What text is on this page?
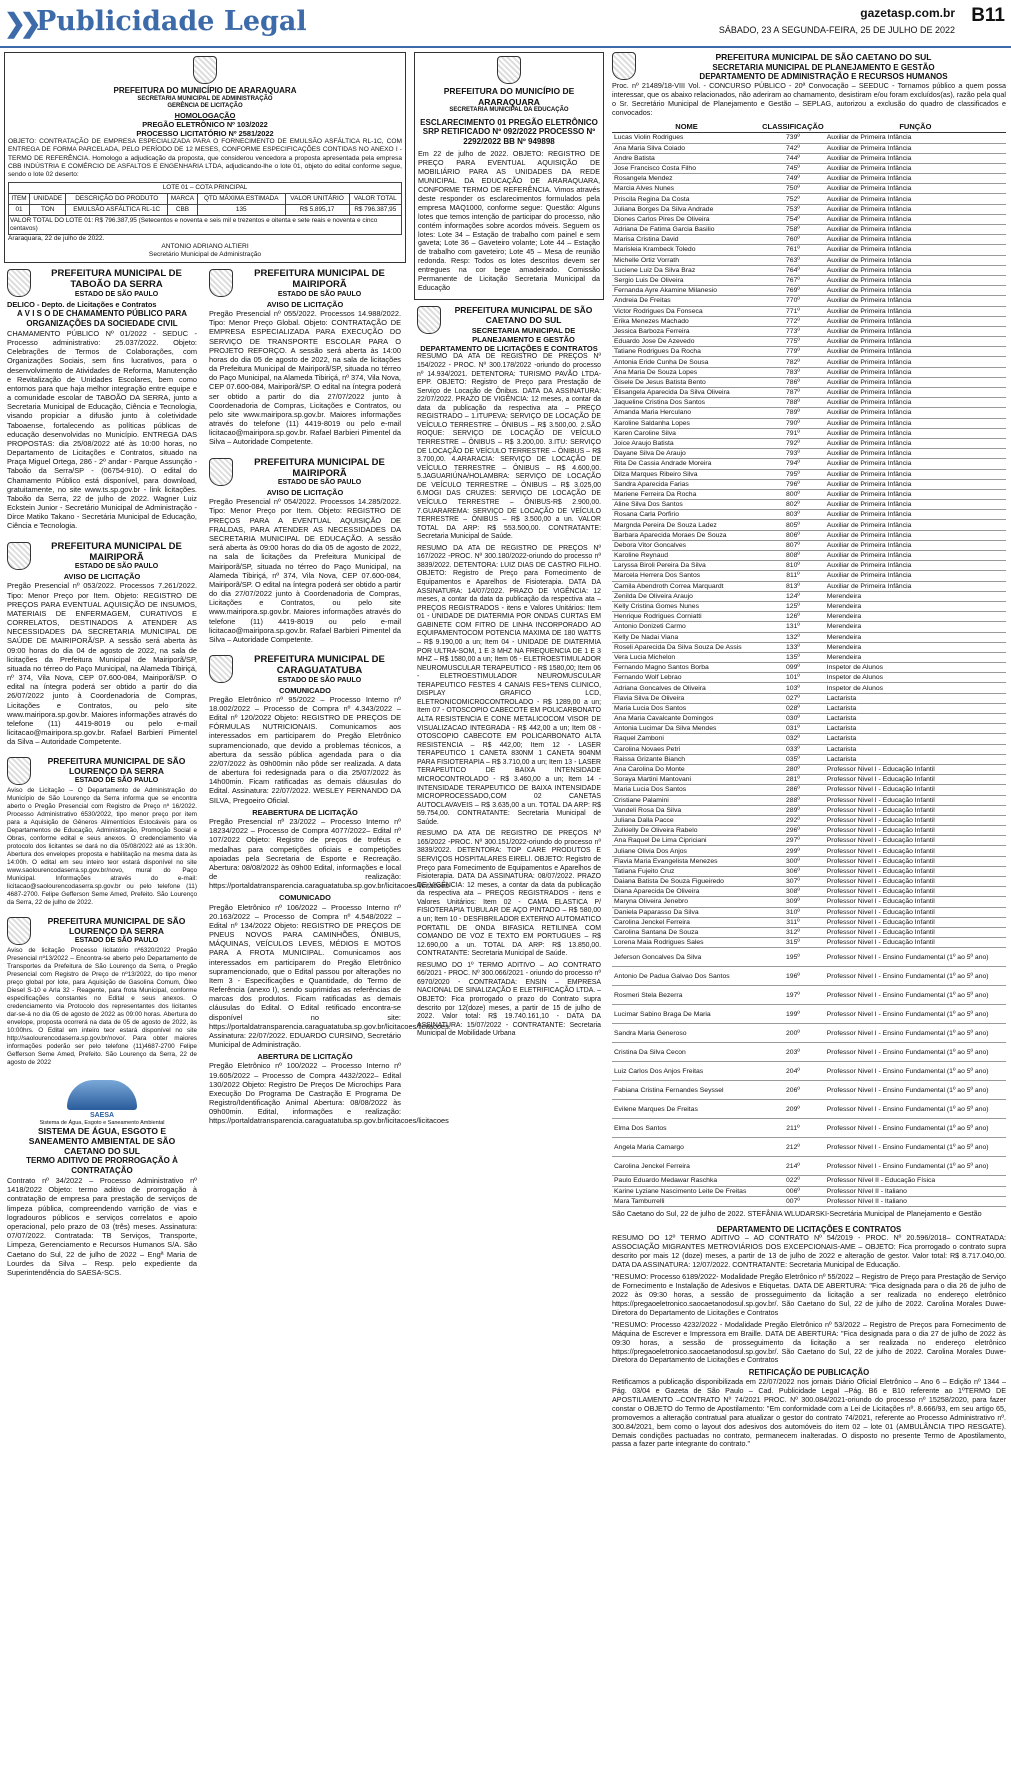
❯❯ Publicidade Legal	gazetasp.com.br
SÁBADO, 23 A SEGUNDA-FEIRA, 25 DE JULHO DE 2022
B11
PREFEITURA DO MUNICÍPIO DE ARARAQUARA
SECRETARIA MUNICIPAL DE ADMINISTRAÇÃO
GERÊNCIA DE LICITAÇÃO
HOMOLOGAÇÃO
PREGÃO ELETRÔNICO Nº 103/2022
PROCESSO LICITATÓRIO Nº 2581/2022

OBJETO: CONTRATAÇÃO DE EMPRESA ESPECIALIZADA PARA O FORNECIMENTO DE EMULSÃO ASFÁLTICA RL-1C, COM ENTREGA DE FORMA PARCELADA, PELO PERÍODO DE 12 MESES, CONFORME ESPECIFICAÇÕES CONTIDAS NO ANEXO I - TERMO DE REFERÊNCIA. Homologo a adjudicação da proposta, que considerou vencedora a proposta apresentada pela empresa CBB INDÚSTRIA E COMÉRCIO DE ASFALTOS E ENGENHARIA LTDA, adjudicando-lhe o lote 01, objeto do edital conforme segue, sendo o lote 02 deserto:

LOTE 01 – COTA PRINCIPAL						
ITEM	UNIDADE	DESCRIÇÃO DO PRODUTO	MARCA	QTD MÁXIMA ESTIMADA	VALOR UNITÁRIO	VALOR TOTAL
01	TON	EMULSÃO ASFÁLTICA RL-1C	CBB	135	R$ 5.895,17	R$ 796.387,95
VALOR TOTAL DO LOTE 01: R$ 796.387,95 (Setecentos e noventa e seis mil e trezentos e oitenta e sete reais e noventa e cinco centavos)						
Araraquara, 22 de julho de 2022.
ANTONIO ADRIANO ALTIERI
Secretário Municipal de Administração
PREFEITURA MUNICIPAL DE TABOÃO DA SERRA
ESTADO DE SÃO PAULO
DELICO - Depto. de Licitações e Contratos
A V I S O DE CHAMAMENTO PÚBLICO PARA ORGANIZAÇÕES DA SOCIEDADE CIVIL

CHAMAMENTO PÚBLICO Nº 01/2022 - SEDUC - Processo administrativo: 25.037/2022. Objeto: Celebrações de Termos de Colaborações, com Organizações Sociais, sem fins lucrativos, para o desenvolvimento de Atividades de Reforma, Manutenção e Revitalização de Unidades Escolares, bem como entornos para que haja melhor integração entre equipe e a comunidade escolar de TABOÃO DA SERRA, junto a Secretaria Municipal de Educação, Ciência e Tecnologia, visando propiciar a difusão junto à coletividade Taboaense, fortalecendo as políticas públicas de educação desenvolvidas no Município. ENTREGA DAS PROPOSTAS: dia 25/08/2022 até às 10:00 horas, no Departamento de Licitações e Contratos, situado na Praça Miguel Ortega, 286 - 2º andar - Parque Assunção - Taboão da Serra/SP - (06754-910). O edital do Chamamento Público está disponível, para download, gratuitamente, no site www.ts.sp.gov.br - link licitações. Taboão da Serra, 22 de julho de 2022. Wagner Luiz Eckstein Junior - Secretário Municipal de Administração - Dirce Matiko Takano - Secretária Municipal de Educação, Ciência e Tecnologia.

PREFEITURA MUNICIPAL DE MAIRIPORÃ
ESTADO DE SÃO PAULO
AVISO DE LICITAÇÃO

Pregão Presencial nº 053/2022. Processos 7.261/2022. Tipo: Menor Preço por Item. Objeto: REGISTRO DE PREÇOS PARA EVENTUAL AQUISIÇÃO DE INSUMOS, MATERIAIS DE ENFERMAGEM, CURATIVOS E CORRELATOS, DESTINADOS A ATENDER AS NECESSIDADES DA SECRETARIA MUNICIPAL DE SAÚDE DE MAIRIPORÃ/SP. A sessão será aberta às 09:00 horas do dia 04 de agosto de 2022, na sala de licitações da Prefeitura Municipal de Mairiporã/SP, situada no térreo do Paço Municipal, na Alameda Tibiriçá, nº 374, Vila Nova, CEP 07.600-084, Mairiporã/SP. O edital na íntegra poderá ser obtido a partir do dia 26/07/2022 junto à Coordenadoria de Compras, Licitações e Contratos, ou pelo site www.mairipora.sp.gov.br. Maiores informações através do telefone (11) 4419-8019 ou pelo e-mail licitacao@mairipora.sp.gov.br. Rafael Barbieri Pimentel da Silva – Autoridade Competente.

PREFEITURA MUNICIPAL DE SÃO LOURENÇO DA SERRA
ESTADO DE SÃO PAULO

Aviso de Licitação – O Departamento de Administração do Município de São Lourenço da Serra informa que se encontra aberto o Pregão Presencial com Registro de Preço nº 16/2022. Processo Administrativo 6530/2022, tipo menor preço por item para a Aquisição de Gêneros Alimentícios Estocáveis para os Departamentos de Educação, Administração, Promoção Social e Obras, conforme edital e seus anexos. O credenciamento via protocolo dos licitantes se dará no dia 05/08/2022 até as 13:30h. Abertura dos envelopes proposta e habilitação na mesma data às 14:00h. O edital em seu inteiro teor estará disponível no site www.saolourencodaserra.sp.gov.br/novo, mural do Paço Municipal. Informações através do e-mail: licitacao@saolourencodaserra.sp.gov.br ou pelo telefone (11) 4687-2700. Felipe Gefferson Seme Amed, Prefeito. São Lourenço da Serra, 22 de julho de 2022.

PREFEITURA MUNICIPAL DE SÃO LOURENÇO DA SERRA
ESTADO DE SÃO PAULO

Aviso de licitação Processo licitatório nº6320/2022 Pregão Presencial nº13/2022 – Encontra-se aberto pelo Departamento de Transportes da Prefeitura de São Lourenço da Serra, o Pregão Presencial com Registro de Preço de nº13/2022, do tipo menor preço global por lote, para Aquisição de Gasolina Comum, Óleo Diesel S-10 e Arla 32 - Reagente, para frota Municipal, conforme especificações constantes no Edital e seus anexos. O credenciamento via Protocolo dos representantes dos licitantes dar-se-á no dia 05 de agosto de 2022 as 09:00 horas. Abertura do envelope, proposta ocorrerá na data de 05 de agosto de 2022, às 10:00hrs. O Edital em inteiro teor estará disponível no site http://saolourencodaserra.sp.gov.br/novo/. Para obter maiores informações poderão ser pelo telefone (11)4687-2700 Felipe Gefferson Seme Amed, Prefeito. São Lourenço da Serra, 22 de agosto de 2022

SAESA
Sistema de Água, Esgoto e Saneamento Ambiental
SISTEMA DE ÁGUA, ESGOTO E SANEAMENTO AMBIENTAL DE SÃO CAETANO DO SUL
TERMO ADITIVO DE PRORROGAÇÃO À CONTRATAÇÃO

Contrato nº 34/2022 – Processo Administrativo nº 1418/2022 Objeto: termo aditivo de prorrogação à contratação de empresa para prestação de serviços de limpeza pública, compreendendo varrição de vias e logradouros públicos e serviços correlatos e apoio operacional, pelo prazo de 03 (três) meses. Assinatura: 07/07/2022. Contratada: TB Serviços, Transporte, Limpeza, Gerenciamento e Recursos Humanos S/A. São Caetano do Sul, 22 de julho de 2022 – Engª Maria de Lourdes da Silva – Resp. pelo expediente da Superintendência do SAESA-SCS.

PREFEITURA MUNICIPAL DE MAIRIPORÃ
ESTADO DE SÃO PAULO
AVISO DE LICITAÇÃO

Pregão Presencial nº 055/2022. Processos 14.988/2022. Tipo: Menor Preço Global. Objeto: CONTRATAÇÃO DE EMPRESA ESPECIALIZADA PARA EXECUÇÃO DO SERVIÇO DE TRANSPORTE ESCOLAR PARA O PROJETO REFORÇO. A sessão será aberta às 14:00 horas do dia 05 de agosto de 2022, na sala de licitações da Prefeitura Municipal de Mairiporã/SP, situada no térreo do Paço Municipal, na Alameda Tibiriçá, nº 374, Vila Nova, CEP 07.600-084, Mairiporã/SP. O edital na íntegra poderá ser obtido a partir do dia 27/07/2022 junto à Coordenadoria de Compras, Licitações e Contratos, ou pelo site www.mairipora.sp.gov.br. Maiores informações através do telefone (11) 4419-8019 ou pelo e-mail licitacao@mairipora.sp.gov.br. Rafael Barbieri Pimentel da Silva – Autoridade Competente.

PREFEITURA MUNICIPAL DE MAIRIPORÃ
ESTADO DE SÃO PAULO
AVISO DE LICITAÇÃO

Pregão Presencial nº 054/2022. Processos 14.285/2022. Tipo: Menor Preço por Item. Objeto: REGISTRO DE PREÇOS PARA A EVENTUAL AQUISIÇÃO DE FRALDAS, PARA ATENDER AS NECESSIDADES DA SECRETARIA MUNICIPAL DE EDUCAÇÃO. A sessão será aberta às 09:00 horas do dia 05 de agosto de 2022, na sala de licitações da Prefeitura Municipal de Mairiporã/SP, situada no térreo do Paço Municipal, na Alameda Tibiriçá, nº 374, Vila Nova, CEP 07.600-084, Mairiporã/SP. O edital na íntegra poderá ser obtido a partir do dia 27/07/2022 junto à Coordenadoria de Compras, Licitações e Contratos, ou pelo site www.mairipora.sp.gov.br. Maiores informações através do telefone (11) 4419-8019 ou pelo e-mail licitacao@mairipora.sp.gov.br. Rafael Barbieri Pimentel da Silva – Autoridade Competente.

PREFEITURA MUNICIPAL DE CARAGUATATUBA
ESTADO DE SÃO PAULO
COMUNICADO

Pregão Eletrônico nº 95/2022 – Processo Interno nº 18.002/2022 – Processo de Compra nº 4.343/2022 – Edital nº 120/2022 Objeto: REGISTRO DE PREÇOS DE FÓRMULAS NUTRICIONAIS. Comunicamos aos interessados em participarem do Pregão Eletrônico supramencionado, que devido a problemas técnicos, a abertura da sessão pública agendada para o dia 22/07/2022 às 09h00min não pôde ser realizada. A data de abertura foi redesignada para o dia 25/07/2022 às 14h00min. Ficam ratificadas as demais cláusulas do Edital. Assinatura: 22/07/2022. WESLEY FERNANDO DA SILVA, Pregoeiro Oficial.

REABERTURA DE LICITAÇÃO

Pregão Presencial nº 23/2022 – Processo Interno nº 18234/2022 – Processo de Compra 4077/2022– Edital nº 107/2022 Objeto: Registro de preços de troféus e medalhas para competições oficiais e competições apoiadas pela Secretaria de Esporte e Recreação. Abertura: 08/08/2022 às 09h00 Edital, informações e local de realização: https://portaldatransparencia.caraguatatuba.sp.gov.br/licitacoes/licitacoes

COMUNICADO

Pregão Eletrônico nº 106/2022 – Processo Interno nº 20.163/2022 – Processo de Compra nº 4.548/2022 – Edital nº 134/2022 Objeto: REGISTRO DE PREÇOS DE PNEUS NOVOS PARA CAMINHÕES, ÔNIBUS, MÁQUINAS, VEÍCULOS LEVES, MÉDIOS E MOTOS PARA A FROTA MUNICIPAL. Comunicamos aos interessados em participarem do Pregão Eletrônico supramencionado, que o Edital passou por alterações no Item 3 - Especificações e Quantidade, do Termo de Referência (anexo I), sendo suprimidas as referências de marcas dos produtos. Ficam ratificadas as demais cláusulas do Edital. O Edital retificado encontra-se disponível no site: https://portaldatransparencia.caraguatatuba.sp.gov.br/licitacoes/licitacoes. Assinatura: 22/07/2022. EDUARDO CURSINO, Secretário Municipal de Administração.

ABERTURA DE LICITAÇÃO

Pregão Eletrônico nº 100/2022 – Processo Interno nº 19.605/2022 – Processo de Compra 4432/2022– Edital 130/2022 Objeto: Registro De Preços De Microchips Para Execução Do Programa De Castração E Programa De Registro/Identificação Animal Abertura: 08/08/2022 às 09h00min. Edital, informações e realização: https://portaldatransparencia.caraguatatuba.sp.gov.br/licitacoes/licitacoes

PREFEITURA DO MUNICÍPIO DE ARARAQUARA
SECRETARIA MUNICIPAL DA EDUCAÇÃO
ESCLARECIMENTO 01 PREGÃO ELETRÔNICO SRP RETIFICADO Nº 092/2022 PROCESSO Nº 2292/2022 BB Nº 949898

Em 22 de julho de 2022. OBJETO: REGISTRO DE PREÇO PARA EVENTUAL AQUISIÇÃO DE MOBILIÁRIO PARA AS UNIDADES DA REDE MUNICIPAL DA EDUCAÇÃO DE ARARAQUARA, CONFORME TERMO DE REFERÊNCIA. Vimos através deste responder os esclarecimentos formulados pela empresa MAQ1000, conforme segue: Questão: Alguns lotes que temos intenção de participar do processo, não contém informações sobre acordos móveis. Seguem os lotes: Lote 34 – Estação de trabalho com painel e sem gaveta; Lote 36 – Gaveteiro volante; Lote 44 – Estação de trabalho com gaveteiro; Lote 45 – Mesa de reunião redonda. Resp: Todos os lotes descritos devem ser entregues na cor bege amadeirado. Comissão Permanente de Licitação Secretaria Municipal da Educação

PREFEITURA MUNICIPAL DE SÃO CAETANO DO SUL
SECRETARIA MUNICIPAL DE PLANEJAMENTO E GESTÃO
DEPARTAMENTO DE LICITAÇÕES E CONTRATOS

RESUMO DA ATA DE REGISTRO DE PREÇOS Nº 154/2022 - PROC. Nº 300.178/2022 -oriundo do processo nº 14.934/2021. DETENTORA: TURISMO PAVÃO LTDA- EPP. OBJETO: Registro de Preço para Prestação de Serviço de Locação de Ônibus. DATA DA ASSINATURA: 22/07/2022. PRAZO DE VIGÊNCIA: 12 meses, a contar da data da publicação da respectiva ata – PREÇO REGISTRADO – 1.ITUPEVA: SERVIÇO DE LOCAÇÃO DE VEÍCULO TERRESTRE – ÔNIBUS – R$ 3.500,00. 2.SÃO ROQUE: SERVIÇO DE LOCAÇÃO DE VEÍCULO TERRESTRE – ÔNIBUS – R$ 3.200,00. 3.ITU: SERVIÇO DE LOCAÇÃO DE VEÍCULO TERRESTRE – ÔNIBUS – R$ 3.700,00. 4.ARARACIA: SERVIÇO DE LOCAÇÃO DE VEÍCULO TERRESTRE – ÔNIBUS – R$ 4.600,00. 5.JAGUARIÚNA/HOLAMBRA: SERVIÇO DE LOCAÇÃO DE VEÍCULO TERRESTRE – ÔNIBUS – R$ 3.025,00 6.MOGI DAS CRUZES: SERVIÇO DE LOCAÇÃO DE VEÍCULO TERRESTRE – ÔNIBUS-R$ 2.900,00. 7.GUARAREMA: SERVIÇO DE LOCAÇÃO DE VEÍCULO TERRESTRE – ÔNIBUS – R$ 3.500,00 a un. VALOR TOTAL DA ARP: R$ 553.500,00. CONTRATANTE: Secretaria Municipal de Saúde.

RESUMO DA ATA DE REGISTRO DE PREÇOS Nº 167/2022 -PROC. Nº 300.180/2022-oriundo do processo nº 3839/2022. DETENTORA: LUIZ DIAS DE CASTRO FILHO. OBJETO: Registro de Preço para Fornecimento de Equipamentos e Aparelhos de Fisioterapia. DATA DA ASSINATURA: 14/07/2022. PRAZO DE VIGÊNCIA: 12 meses, a contar da data da publicação da respectiva ata – PREÇOS REGISTRADOS - itens e Valores Unitários: Item 01 - UNIDADE DE DIATERMIA POR ONDAS CURTAS EM GABINETE COM FITRO DE LINHA INCORPORADO AO EQUIPAMENTOCOM POTENCIA MAXIMA DE 180 WATTS – R$ 9.190,00 a un; Item 04 - UNIDADE DE DIATERMIA POR ULTRA-SOM, 1 E 3 MHZ NA FREQUENCIA DE 1 E 3 MHZ – R$ 1580,00 a un; Item 05 - ELETROESTIMULADOR NEUROMUSCULAR TERAPEUTICO - R$ 1580,00; Item 06 - ELETROESTIMULADOR NEUROMUSCULAR TERAPEUTICO FESTES 4 CANAIS FES+TENS CLINICO, DISPLAY GRAFICO LCD, ELETRONICOMICROCONTROLADO - R$ 1289,00 a un; Item 07 - OTOSCOPIO CABECOTE EM POLICARBONATO ALTA RESISTENCIA E CONE METALICOCOM VISOR DE VISUALIZACAO INTEGRADA - R$ 442,00 a un; Item 08 - OTOSCOPIO CABECOTE EM POLICARBONATO ALTA RESISTENCIA – R$ 442,00; Item 12 - LASER TERAPEUTICO 1 CANETA 830NM 1 CANETA 904NM PARA FISIOTERAPIA – R$ 3.710,00 a un; Item 13 - LASER TERAPEUTICO DE BAIXA INTENSIDADE MICROCONTROLADO - R$ 3.460,00 a un; Item 14 - INTENSIDADE TERAPEUTICO DE BAIXA INTENSIDADE MICROPROCESSADO,COM 02 CANETAS AUTOCLAVAVEIS – R$ 3.635,00 a un. TOTAL DA ARP: R$ 59.754,00. CONTRATANTE: Secretaria Municipal de Saúde.

RESUMO DA ATA DE REGISTRO DE PREÇOS Nº 165/2022 -PROC. Nº 300.151/2022-oriundo do processo nº 3839/2022. DETENTORA: TOP CARE PRODUTOS E SERVIÇOS HOSPITALARES EIRELI. OBJETO: Registro de Preço para Fornecimento de Equipamentos e Aparelhos de Fisioterapia. DATA DA ASSINATURA: 08/07/2022. PRAZO DE VIGÊNCIA: 12 meses, a contar da data da publicação da respectiva ata – PREÇOS REGISTRADOS - itens e Valores Unitários: Item 02 - CAMA ELASTICA P/ FISIOTERAPIA TUBULAR DE AÇO PINTADO – R$ 580,00 a un; Item 10 - DESFIBRILADOR EXTERNO AUTOMATICO PORTATIL DE ONDA BIFASICA RETILINEA COM COMANDO DE VOZ E TEXTO EM PORTUGUES – R$ 12.690,00 a un. TOTAL DA ARP: R$ 13.850,00. CONTRATANTE: Secretaria Municipal de Saúde.

RESUMO DO 1º TERMO ADITIVO – AO CONTRATO 66/2021 - PROC. Nº 300.066/2021 - oriundo do processo nº 6970/2020 - CONTRATADA: ENSIN – EMPRESA NACIONAL DE SINALIZAÇÃO E ELETRIFICAÇÃO LTDA. – OBJETO: Fica prorrogado o prazo do Contrato supra descrito por 12(doze) meses, a partir de 15 de julho de 2022. Valor total: R$ 19.740.161,10 - DATA DA ASSINATURA: 15/07/2022 - CONTRATANTE: Secretaria Municipal de Mobilidade Urbana

PREFEITURA MUNICIPAL DE SÃO CAETANO DO SUL
SECRETARIA MUNICIPAL DE PLANEJAMENTO E GESTÃO
DEPARTAMENTO DE ADMINISTRAÇÃO E RECURSOS HUMANOS

Proc. nº 21489/18-VIII Vol. - CONCURSO PÚBLICO - 20ª Convocação – SEEDUC - Tornamos público a quem possa interessar, que os abaixo relacionados, não aderiram ao chamamento, desistiram e/ou foram excluídos(as), razão pela qual o Sr. Secretário Municipal de Planejamento e Gestão – SEPLAG, autorizou a exclusão do quadro de classificados e convocados:

NOME	CLASSIFICAÇÃO	FUNÇÃO
Lucas Violin Rodrigues	739º	Auxiliar de Primeira Infância
Ana Maria Silva Coiado	742º	Auxiliar de Primeira Infância
Andre Batista	744º	Auxiliar de Primeira Infância
Jose Francisco Costa Filho	745º	Auxiliar de Primeira Infância
Rosangela Mendez	749º	Auxiliar de Primeira Infância
Marcia Alves Nunes	750º	Auxiliar de Primeira Infância
Priscila Regina Da Costa	752º	Auxiliar de Primeira Infância
Juliana Borges Da Silva Andrade	753º	Auxiliar de Primeira Infância
Diones Carlos Pires De Oliveira	754º	Auxiliar de Primeira Infância
Adriana De Fatima Garcia Basilio	758º	Auxiliar de Primeira Infância
Marisa Cristina David	760º	Auxiliar de Primeira Infância
Marisleia Krambeck Toledo	761º	Auxiliar de Primeira Infância
Michelle Ortiz Vorrath	763º	Auxiliar de Primeira Infância
Luciene Luiz Da Silva Braz	764º	Auxiliar de Primeira Infância
Sergio Luis De Oliveira	767º	Auxiliar de Primeira Infância
Fernanda Ayre Akamine Milanesio	769º	Auxiliar de Primeira Infância
Andreia De Freitas	770º	Auxiliar de Primeira Infância
Victor Rodrigues Da Fonseca	771º	Auxiliar de Primeira Infância
Erika Menezes Machado	772º	Auxiliar de Primeira Infância
Jessica Barboza Ferreira	773º	Auxiliar de Primeira Infância
Eduardo Jose De Azevedo	775º	Auxiliar de Primeira Infância
Tatiane Rodrigues Da Rocha	779º	Auxiliar de Primeira Infância
Antonia Eride Cunha De Sousa	782º	Auxiliar de Primeira Infância
Ana Maria De Souza Lopes	783º	Auxiliar de Primeira Infância
Gisele De Jesus Batista Bento	786º	Auxiliar de Primeira Infância
Elisangela Aparecida Da Silva Oliveira	787º	Auxiliar de Primeira Infância
Jaqueline Cristina Dos Santos	788º	Auxiliar de Primeira Infância
Amanda Maria Herculano	789º	Auxiliar de Primeira Infância
Karoline Saldanha Lopes	790º	Auxiliar de Primeira Infância
Karen Caroline Silva	791º	Auxiliar de Primeira Infância
Joice Araujo Batista	792º	Auxiliar de Primeira Infância
Dayane Silva De Araujo	793º	Auxiliar de Primeira Infância
Rita De Cassia Andrade Moreira	794º	Auxiliar de Primeira Infância
Dilza Marques Ribeiro Silva	795º	Auxiliar de Primeira Infância
Sandra Aparecida Farias	796º	Auxiliar de Primeira Infância
Mariene Ferreira Da Rocha	800º	Auxiliar de Primeira Infância
Aline Silva Dos Santos	802º	Auxiliar de Primeira Infância
Rosana Carla Porfirio	803º	Auxiliar de Primeira Infância
Margnda Pereira De Souza Ladez	805º	Auxiliar de Primeira Infância
Barbara Aparecida Moraes De Souza	806º	Auxiliar de Primeira Infância
Debora Vitor Goncalves	807º	Auxiliar de Primeira Infância
Karoline Reynaud	808º	Auxiliar de Primeira Infância
Laryssa Biroli Pereira Da Silva	810º	Auxiliar de Primeira Infância
Marcela Herrera Dos Santos	811º	Auxiliar de Primeira Infância
Camila Abendroth Correa Marquardt	813º	Auxiliar de Primeira Infância
Zenilda De Oliveira Araujo	124º	Merendeira
Kelly Cristina Gomes Nunes	125º	Merendeira
Henrique Rodrigues Corniatti	126º	Merendeira
Antonio Donizeti Carmo	131º	Merendeira
Kelly De Nadai Viana	132º	Merendeira
Roseli Aparecida Da Silva Souza De Assis	133º	Merendeira
Vera Lucia Michelon	135º	Merendeira
Fernando Magno Santos Borba	099º	Inspetor de Alunos
Fernando Wolf Lebrao	101º	Inspetor de Alunos
Adriana Goncalves de Oliveira	103º	Inspetor de Alunos
Flavia Silva De Oliveira	027º	Lactarista
Maria Lucia Dos Santos	028º	Lactarista
Ana Maria Cavalcante Domingos	030º	Lactarista
Antonia Lucimar Da Silva Mendes	031º	Lactarista
Raquel Zamboni	032º	Lactarista
Carolina Novaes Petri	033º	Lactarista
Raissa Grizante Bianch	035º	Lactarista
Ana Carolina Do Monte	280º	Professor Nivel I - Educação Infantil
Soraya Martini Mantovani	281º	Professor Nivel I - Educação Infantil
Maria Lucia Dos Santos	286º	Professor Nivel I - Educação Infantil
Cristiane Palamini	288º	Professor Nivel I - Educação Infantil
Vandeli Rosa Da Silva	289º	Professor Nivel I - Educação Infantil
Juliana Dalla Pacce	292º	Professor Nivel I - Educação Infantil
Zulkielly De Oliveira Rabelo	296º	Professor Nivel I - Educação Infantil
Ana Raquel De Lima Cipriciani	297º	Professor Nivel I - Educação Infantil
Juliane Olivia Dos Anjos	299º	Professor Nivel I - Educação Infantil
Flavia Maria Evangelista Menezes	300º	Professor Nivel I - Educação Infantil
Tatiana Fujeito Cruz	306º	Professor Nivel I - Educação Infantil
Daiana Batista De Souza Figueiredo	307º	Professor Nivel I - Educação Infantil
Diana Aparecida De Oliveira	308º	Professor Nivel I - Educação Infantil
Maryna Oliveira Jenebro	309º	Professor Nivel I - Educação Infantil
Daniela Paparasso Da Silva	310º	Professor Nivel I - Educação Infantil
Carolina Jenckel Ferreira	311º	Professor Nivel I - Educação Infantil
Carolina Santana De Souza	312º	Professor Nivel I - Educação Infantil
Lorena Maia Rodrigues Sales	315º	Professor Nivel I - Educação Infantil
Jeferson Goncalves Da Silva	195º	Professor Nivel I - Ensino Fundamental (1º ao 5º ano)
Antonio De Padua Galvao Dos Santos	196º	Professor Nivel I - Ensino Fundamental (1º ao 5º ano)
Rosmeri Stela Bezerra	197º	Professor Nivel I - Ensino Fundamental (1º ao 5º ano)
Lucimar Sabino Braga De Maria	199º	Professor Nivel I - Ensino Fundamental (1º ao 5º ano)
Sandra Maria Generoso	200º	Professor Nivel I - Ensino Fundamental (1º ao 5º ano)
Cristina Da Silva Cecon	203º	Professor Nivel I - Ensino Fundamental (1º ao 5º ano)
Luiz Carlos Dos Anjos Freitas	204º	Professor Nivel I - Ensino Fundamental (1º ao 5º ano)
Fabiana Cristina Fernandes Seyssel	206º	Professor Nivel I - Ensino Fundamental (1º ao 5º ano)
Evilene Marques De Freitas	209º	Professor Nivel I - Ensino Fundamental (1º ao 5º ano)
Elma Dos Santos	211º	Professor Nivel I - Ensino Fundamental (1º ao 5º ano)
Angela Maria Camargo	212º	Professor Nivel I - Ensino Fundamental (1º ao 5º ano)
Carolina Jenckel Ferreira	214º	Professor Nivel I - Ensino Fundamental (1º ao 5º ano)
Paulo Eduardo Medawar Raschka	022º	Professor Nível II - Educação Física
Karine Lyziane Nascimento Leite De Freitas	006º	Professor Nível II - Italiano
Mara Tamburrelli	007º	Professor Nível II - Italiano

São Caetano do Sul, 22 de julho de 2022. STEFÂNIA WLUDARSKI-Secretária Municipal de Planejamento e Gestão

DEPARTAMENTO DE LICITAÇÕES E CONTRATOS

RESUMO DO 12º TERMO ADITIVO – AO CONTRATO Nº 54/2019 - PROC. Nº 20.596/2018– CONTRATADA: ASSOCIAÇÃO MIGRANTES METROVIÁRIOS DOS EXCEPCIONAIS-AME – OBJETO: Fica prorrogado o contrato supra descrito por mais 12 (doze) meses, a partir de 13 de julho de 2022 e alteração de gestor. Valor total: R$ 8.717.040,00. DATA DA ASSINATURA: 12/07/2022. CONTRATANTE: Secretaria Municipal de Educação.

"RESUMO: Processo 6189/2022- Modalidade Pregão Eletrônico nº 55/2022 – Registro de Preço para Prestação de Serviço de Fornecimento e Instalação de Adesivos e Etiquetas. DATA DE ABERTURA: "Fica designada para o dia 26 de julho de 2022 às 09:30 horas, a sessão de prosseguimento da licitação a ser realizada no endereço eletrônico https://pregaoeletronico.saocaetanodosul.sp.gov.br/. São Caetano do Sul, 22 de julho de 2022. Carolina Morales Duwe-Diretora do Departamento de Licitações e Contratos

"RESUMO: Processo 4232/2022 - Modalidade Pregão Eletrônico nº 53/2022 – Registro de Preços para Fornecimento de Máquina de Escrever e Impressora em Braille. DATA DE ABERTURA: "Fica designada para o dia 27 de julho de 2022 às 09:30 horas, a sessão de prosseguimento da licitação a ser realizada no endereço eletrônico https://pregaoeletronico.saocaetanodosul.sp.gov.br/. São Caetano do Sul, 22 de julho de 2022. Carolina Morales Duwe-Diretora do Departamento de Licitações e Contratos

RETIFICAÇÃO DE PUBLICAÇÃO

Retificamos a publicação disponibilizada em 22/07/2022 nos jornais Diário Oficial Eletrônico – Ano 6 – Edição nº 1344 –Pág. 03/04 e Gazeta de São Paulo – Cad. Publicidade Legal –Pág. B6 e B10 referente ao 1ºTERMO DE APOSTILAMENTO –CONTRATO Nº 74/2021 PROC. Nº 300.084/2021-oriundo do processo nº 15258/2020, para fazer constar o OBJETO do Termo de Apostilamento: "Em conformidade com a Lei de Licitações nº. 8.666/93, em seu artigo 65, promovemos a alteração contratual para atualizar o gestor do contrato 74/2021, referente ao Processo Administrativo nº. 300.84/2021, bem como o layout dos adesivos dos automóveis do item 02 – lote 01 (AMBULÂNCIA TIPO RESGATE). Demais condições pactuadas no contrato, permanecem inalteradas. O disposto no presente Termo de Apostilamento, passa a fazer parte integrante do contrato."
